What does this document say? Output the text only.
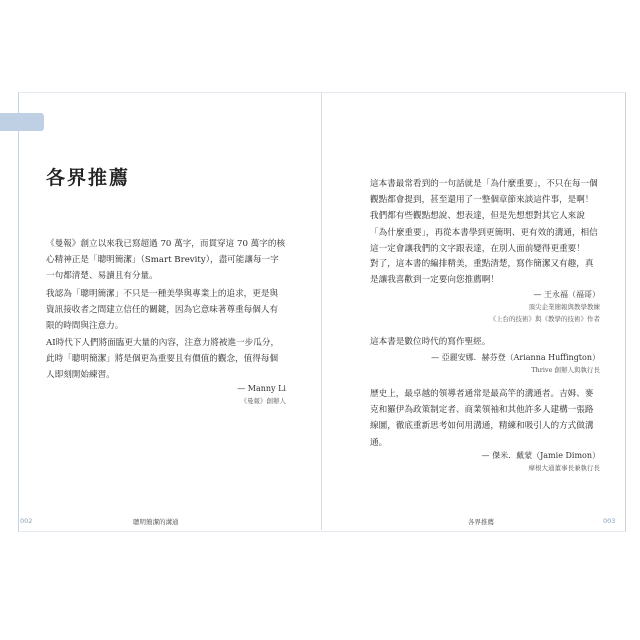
各界推薦
《曼報》創立以來我已寫超過 70 萬字，而貫穿這 70 萬字的核心精神正是「聰明簡潔」（Smart Brevity），盡可能讓每一字一句都清楚、易讀且有分量。
我認為「聰明簡潔」不只是一種美學與專業上的追求，更是與資訊接收者之間建立信任的關鍵，因為它意味著尊重每個人有限的時間與注意力。
AI時代下人們將面臨更大量的內容，注意力將被進一步瓜分，此時「聰明簡潔」將是個更為重要且有價值的觀念，值得每個人即刻開始練習。
— Manny Li
《曼報》創辦人
聰明簡潔的溝通
002
這本書最常看到的一句話就是「為什麼重要」，不只在每一個觀點都會提到，甚至還用了一整個章節來談這件事，是啊！我們都有些觀點想說、想表達，但是先想想對其它人來說「為什麼重要」，再從本書學到更簡明、更有效的溝通，相信這一定會讓我們的文字跟表達，在別人面前變得更重要！
對了，這本書的編排精美，重點清楚，寫作簡潔又有趣，真是讓我喜歡到一定要向您推薦啊！
— 王永福（福哥）
頂尖企業簡報與教學教練
《上台的技術》與《教學的技術》作者
這本書是數位時代的寫作聖經。
— 亞麗安娜．赫芬登（Arianna Huffington）
Thrive 創辦人與執行長
歷史上，最卓越的領導者通常是最高竿的溝通者。吉姆、麥克和羅伊為政策制定者、商業領袖和其他許多人建構一張路線圖，徹底重新思考如何用溝通，精練和吸引人的方式做溝通。
— 傑米．戴蒙（Jamie Dimon）
摩根大通董事長兼執行長
各界推薦	003
